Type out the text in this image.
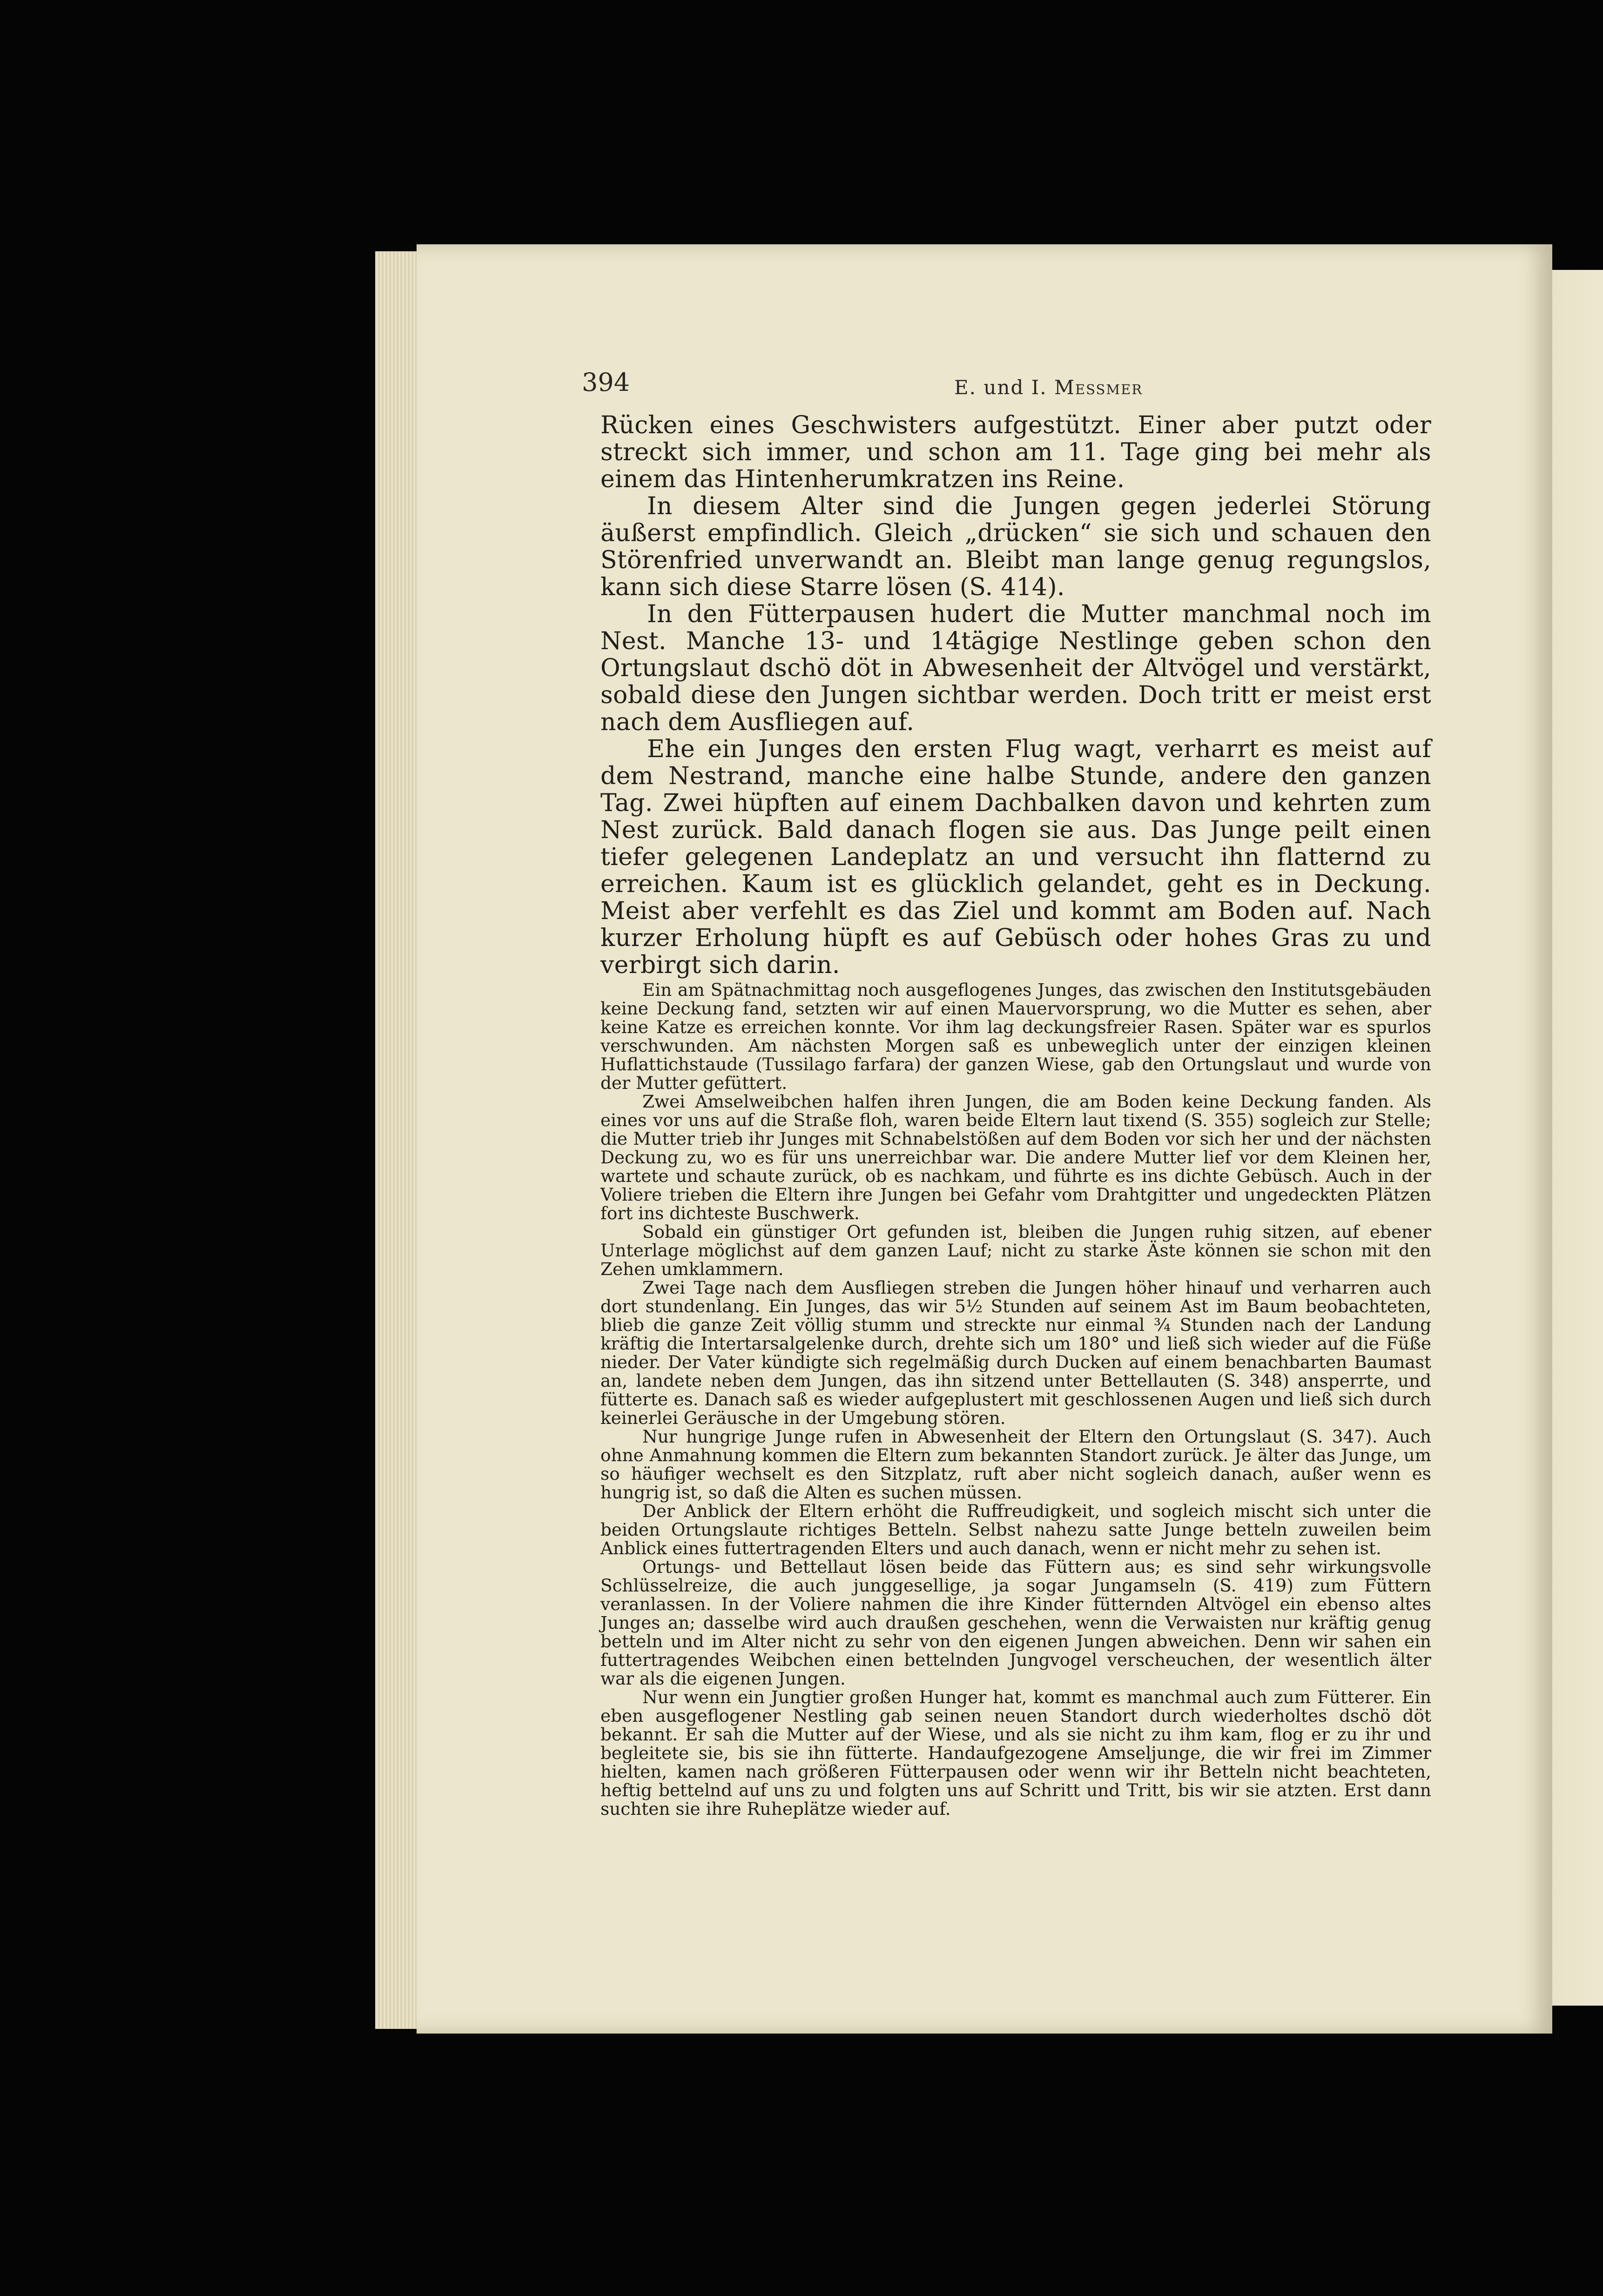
394	E. und I. Messmer

Rücken eines Geschwisters aufgestützt. Einer aber putzt oder streckt sich immer, und schon am 11. Tage ging bei mehr als einem das Hintenherumkratzen ins Reine.

In diesem Alter sind die Jungen gegen jederlei Störung äußerst empfindlich. Gleich „drücken“ sie sich und schauen den Störenfried unverwandt an. Bleibt man lange genug regungslos, kann sich diese Starre lösen (S. 414).

In den Fütterpausen hudert die Mutter manchmal noch im Nest. Manche 13- und 14tägige Nestlinge geben schon den Ortungslaut dschö döt in Abwesenheit der Altvögel und verstärkt, sobald diese den Jungen sichtbar werden. Doch tritt er meist erst nach dem Ausfliegen auf.

Ehe ein Junges den ersten Flug wagt, verharrt es meist auf dem Nestrand, manche eine halbe Stunde, andere den ganzen Tag. Zwei hüpften auf einem Dachbalken davon und kehrten zum Nest zurück. Bald danach flogen sie aus. Das Junge peilt einen tiefer gelegenen Landeplatz an und versucht ihn flatternd zu erreichen. Kaum ist es glücklich gelandet, geht es in Deckung. Meist aber verfehlt es das Ziel und kommt am Boden auf. Nach kurzer Erholung hüpft es auf Gebüsch oder hohes Gras zu und verbirgt sich darin.

Ein am Spätnachmittag noch ausgeflogenes Junges, das zwischen den Institutsgebäuden keine Deckung fand, setzten wir auf einen Mauervorsprung, wo die Mutter es sehen, aber keine Katze es erreichen konnte. Vor ihm lag deckungsfreier Rasen. Später war es spurlos verschwunden. Am nächsten Morgen saß es unbeweglich unter der einzigen kleinen Huflattichstaude (Tussilago farfara) der ganzen Wiese, gab den Ortungslaut und wurde von der Mutter gefüttert.

Zwei Amselweibchen halfen ihren Jungen, die am Boden keine Deckung fanden. Als eines vor uns auf die Straße floh, waren beide Eltern laut tixend (S. 355) sogleich zur Stelle; die Mutter trieb ihr Junges mit Schnabelstößen auf dem Boden vor sich her und der nächsten Deckung zu, wo es für uns unerreichbar war. Die andere Mutter lief vor dem Kleinen her, wartete und schaute zurück, ob es nachkam, und führte es ins dichte Gebüsch. Auch in der Voliere trieben die Eltern ihre Jungen bei Gefahr vom Drahtgitter und ungedeckten Plätzen fort ins dichteste Buschwerk.

Sobald ein günstiger Ort gefunden ist, bleiben die Jungen ruhig sitzen, auf ebener Unterlage möglichst auf dem ganzen Lauf; nicht zu starke Äste können sie schon mit den Zehen umklammern.

Zwei Tage nach dem Ausfliegen streben die Jungen höher hinauf und verharren auch dort stundenlang. Ein Junges, das wir 5½ Stunden auf seinem Ast im Baum beobachteten, blieb die ganze Zeit völlig stumm und streckte nur einmal ¾ Stunden nach der Landung kräftig die Intertarsalgelenke durch, drehte sich um 180° und ließ sich wieder auf die Füße nieder. Der Vater kündigte sich regelmäßig durch Ducken auf einem benachbarten Baumast an, landete neben dem Jungen, das ihn sitzend unter Bettellauten (S. 348) ansperrte, und fütterte es. Danach saß es wieder aufgeplustert mit geschlossenen Augen und ließ sich durch keinerlei Geräusche in der Umgebung stören.

Nur hungrige Junge rufen in Abwesenheit der Eltern den Ortungslaut (S. 347). Auch ohne Anmahnung kommen die Eltern zum bekannten Standort zurück. Je älter das Junge, um so häufiger wechselt es den Sitzplatz, ruft aber nicht sogleich danach, außer wenn es hungrig ist, so daß die Alten es suchen müssen.

Der Anblick der Eltern erhöht die Ruffreudigkeit, und sogleich mischt sich unter die beiden Ortungslaute richtiges Betteln. Selbst nahezu satte Junge betteln zuweilen beim Anblick eines futtertragenden Elters und auch danach, wenn er nicht mehr zu sehen ist.

Ortungs- und Bettellaut lösen beide das Füttern aus; es sind sehr wirkungsvolle Schlüsselreize, die auch junggesellige, ja sogar Jungamseln (S. 419) zum Füttern veranlassen. In der Voliere nahmen die ihre Kinder fütternden Altvögel ein ebenso altes Junges an; dasselbe wird auch draußen geschehen, wenn die Verwaisten nur kräftig genug betteln und im Alter nicht zu sehr von den eigenen Jungen abweichen. Denn wir sahen ein futtertragendes Weibchen einen bettelnden Jungvogel verscheuchen, der wesentlich älter war als die eigenen Jungen.

Nur wenn ein Jungtier großen Hunger hat, kommt es manchmal auch zum Fütterer. Ein eben ausgeflogener Nestling gab seinen neuen Standort durch wiederholtes dschö döt bekannt. Er sah die Mutter auf der Wiese, und als sie nicht zu ihm kam, flog er zu ihr und begleitete sie, bis sie ihn fütterte. Handaufgezogene Amseljunge, die wir frei im Zimmer hielten, kamen nach größeren Fütterpausen oder wenn wir ihr Betteln nicht beachteten, heftig bettelnd auf uns zu und folgten uns auf Schritt und Tritt, bis wir sie atzten. Erst dann suchten sie ihre Ruheplätze wieder auf.
